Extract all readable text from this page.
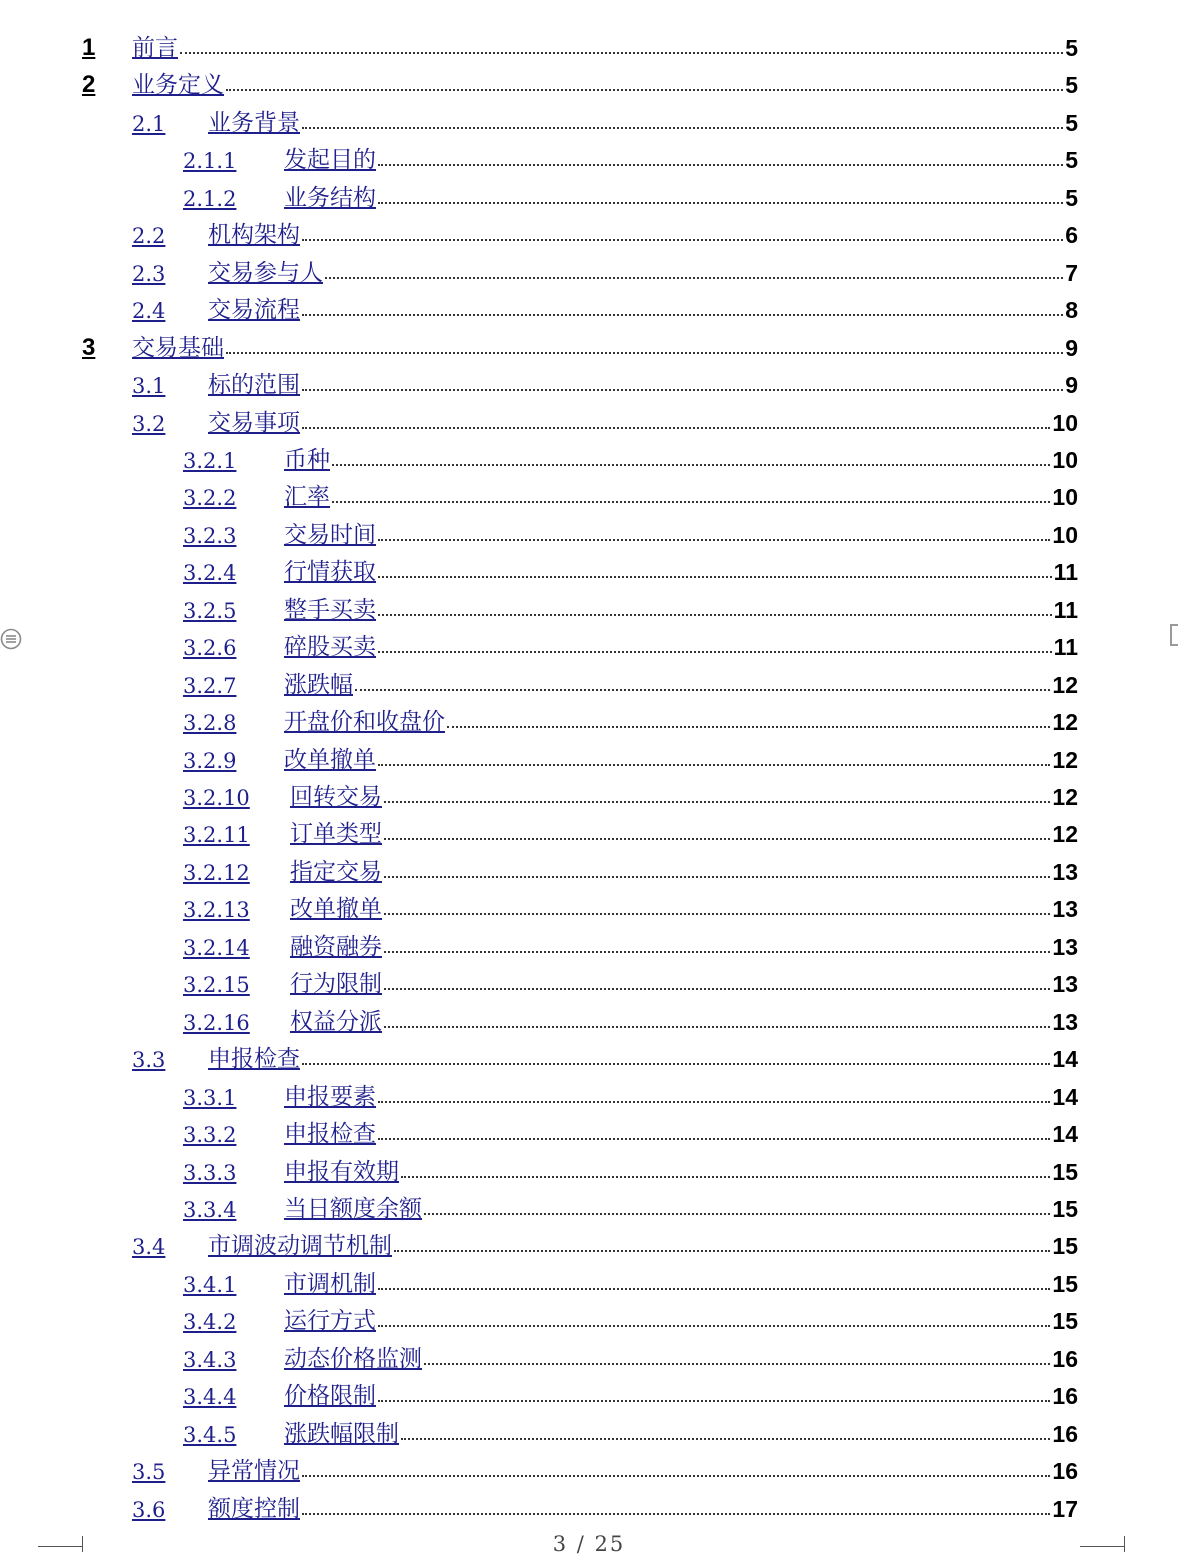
1	前言	5
2	业务定义	5
2.1	业务背景	5
2.1.1	发起目的	5
2.1.2	业务结构	5
2.2	机构架构	6
2.3	交易参与人	7
2.4	交易流程	8
3	交易基础	9
3.1	标的范围	9
3.2	交易事项	10
3.2.1	币种	10
3.2.2	汇率	10
3.2.3	交易时间	10
3.2.4	行情获取	11
3.2.5	整手买卖	11
3.2.6	碎股买卖	11
3.2.7	涨跌幅	12
3.2.8	开盘价和收盘价	12
3.2.9	改单撤单	12
3.2.10	回转交易	12
3.2.11	订单类型	12
3.2.12	指定交易	13
3.2.13	改单撤单	13
3.2.14	融资融券	13
3.2.15	行为限制	13
3.2.16	权益分派	13
3.3	申报检查	14
3.3.1	申报要素	14
3.3.2	申报检查	14
3.3.3	申报有效期	15
3.3.4	当日额度余额	15
3.4	市调波动调节机制	15
3.4.1	市调机制	15
3.4.2	运行方式	15
3.4.3	动态价格监测	16
3.4.4	价格限制	16
3.4.5	涨跌幅限制	16
3.5	异常情况	16
3.6	额度控制	17
3 / 25
